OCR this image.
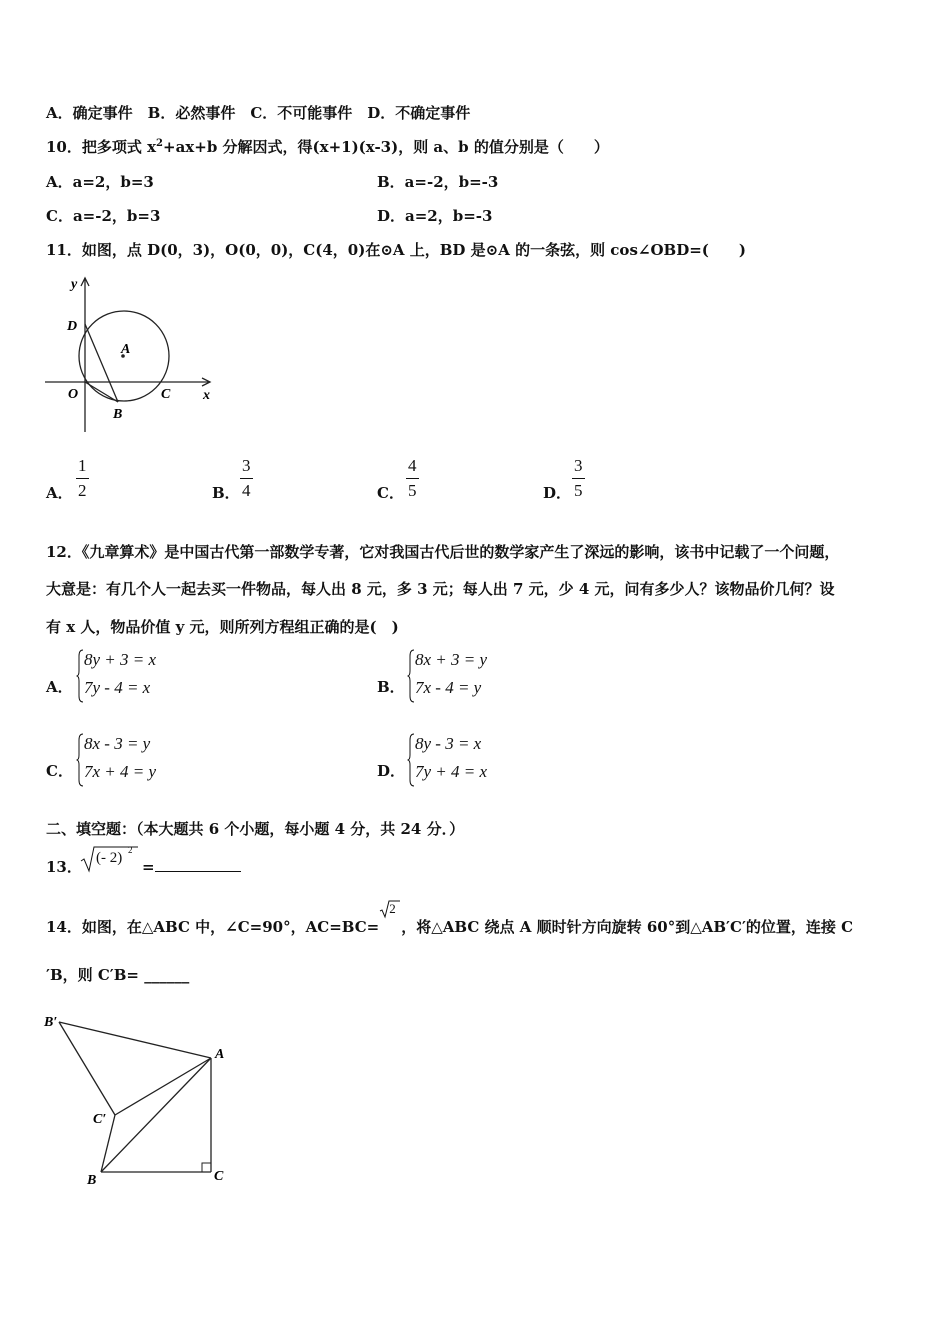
A．确定事件　B．必然事件　C．不可能事件　D．不确定事件
10．把多项式 $x^2+ax+b$ 分解因式，得(x+1)(x-3)，则 a、b 的值分别是（　　）
A．a=2，b=3	B．a=-2，b=-3
C．a=-2，b=3	D．a=2，b=-3
11．如图，点 D(0，3)，O(0，0)，C(4，0)在⊙A 上，BD 是⊙A 的一条弦，则 cos∠OBD=(　　)
y
x
D
A
O	C
B
A．
1
2	B．
3
4	C．
4
5	D．
3
5
12．《九章算术》是中国古代第一部数学专著，它对我国古代后世的数学家产生了深远的影响，该书中记载了一个问题，
大意是：有几个人一起去买一件物品，每人出 8 元，多 3 元；每人出 7 元，少 4 元，问有多少人？该物品价几何？设
有 x 人，物品价值 y 元，则所列方程组正确的是(　)
A．
8y + 3 = x
7y - 4 = x	B．
8x + 3 = y
7x - 4 = y
C．
8x - 3 = y
7x + 4 = y	D．
8y - 3 = x
7y + 4 = x
二、填空题：（本大题共 6 个小题，每小题 4 分，共 24 分．）
13． (- 2) 2
=
14．如图，在△ABC 中，∠C=90°，AC=BC=
2
，将△ABC 绕点 A 顺时针方向旋转 60°到△AB′C′的位置，连接 C
′B，则 C′B= ______
B′
A
C′
B	C
